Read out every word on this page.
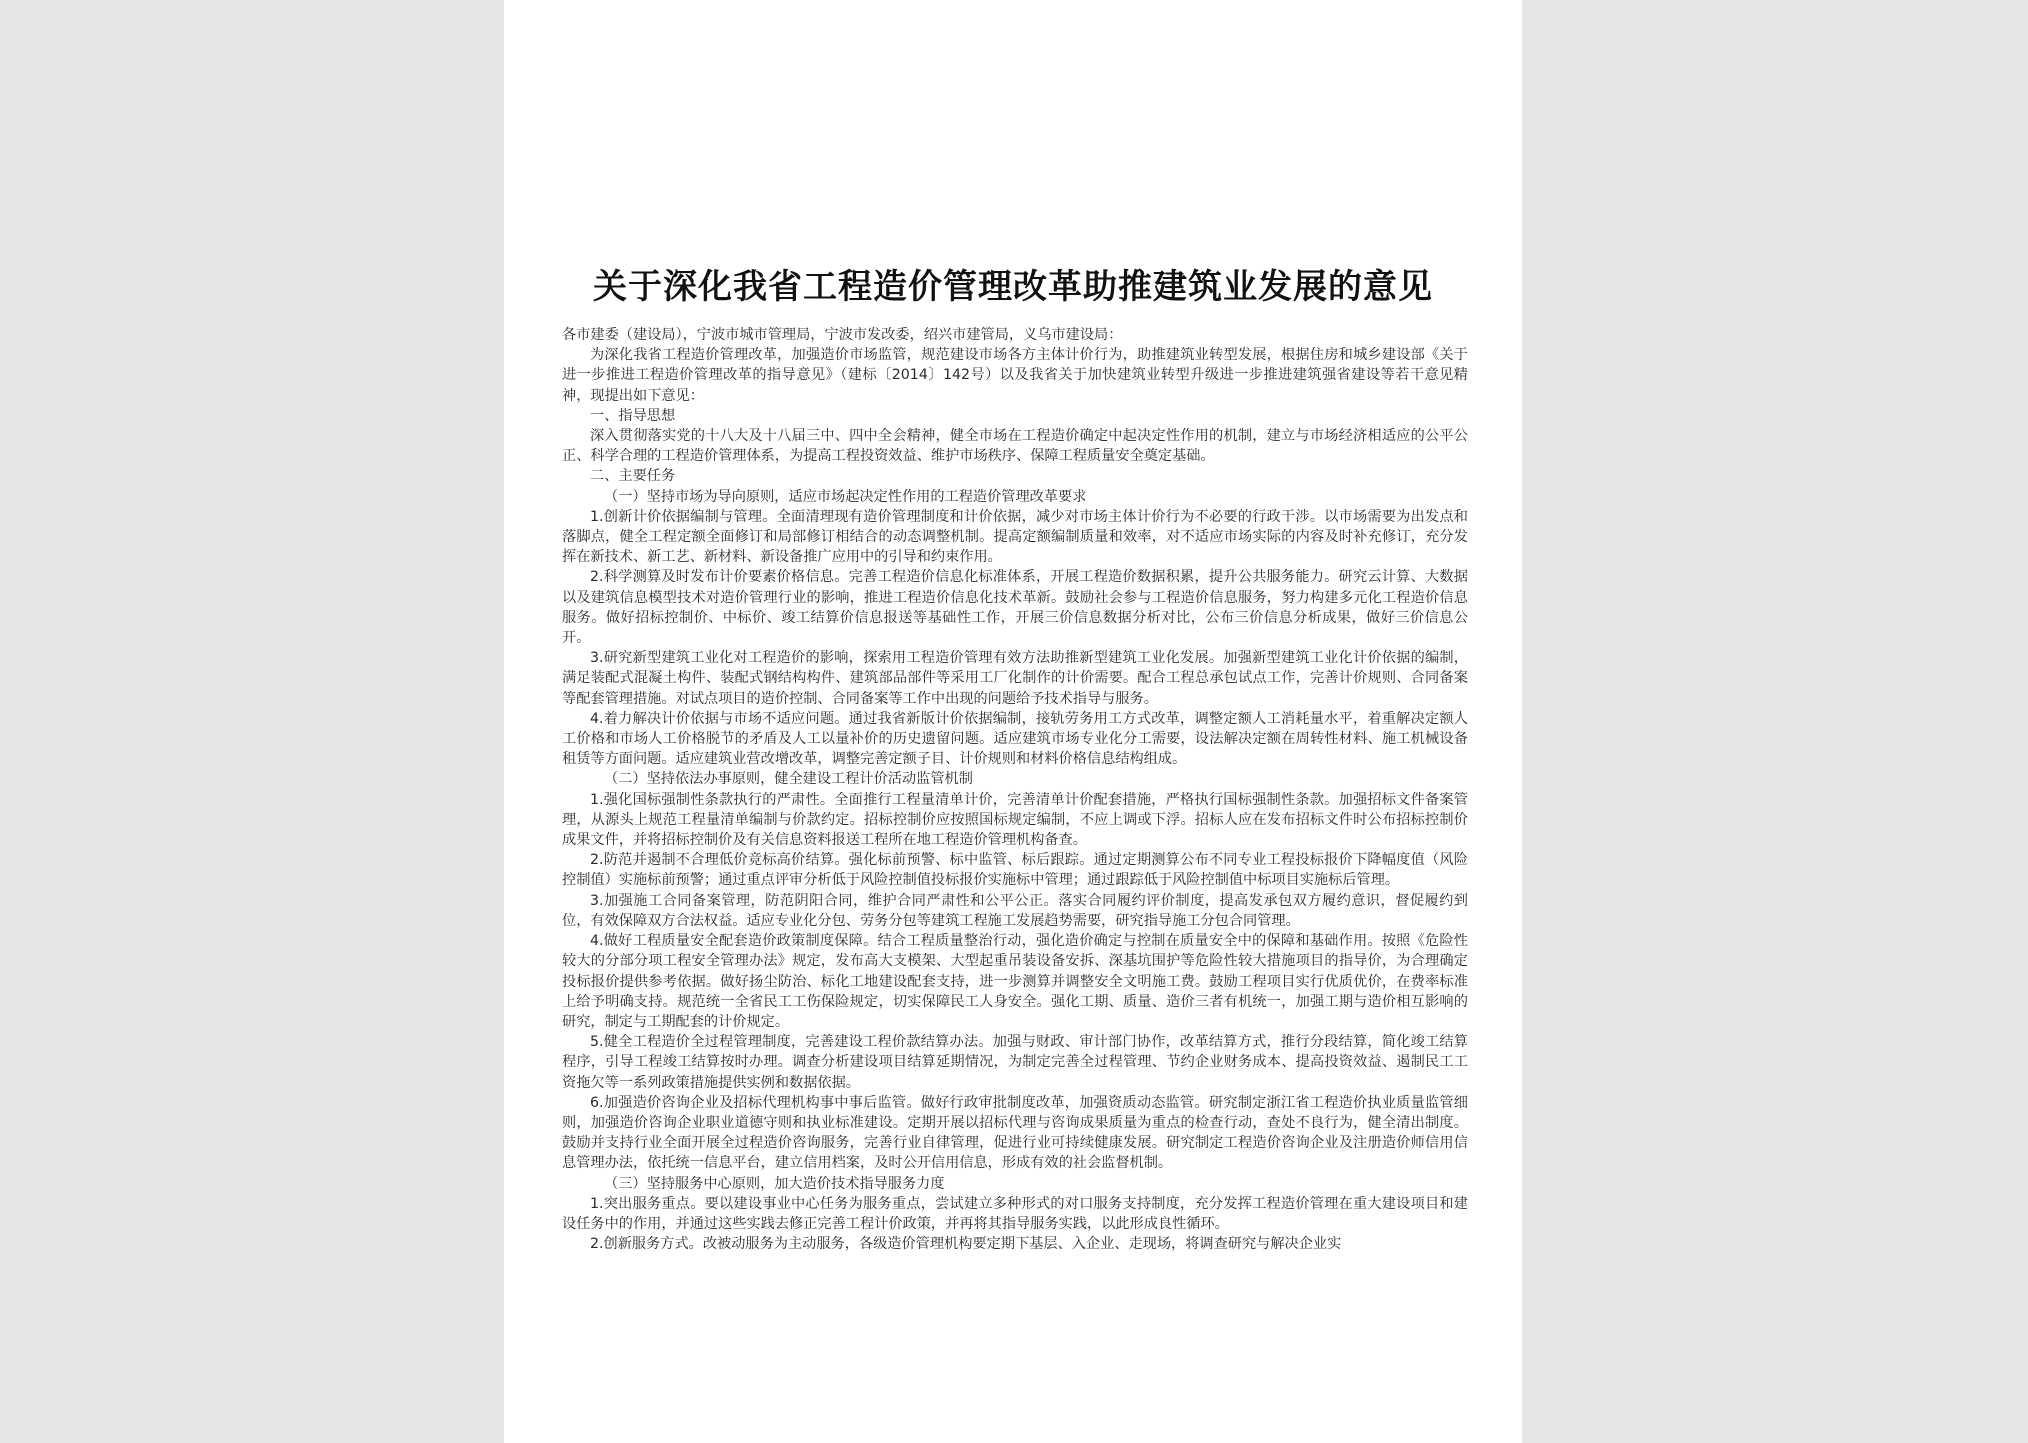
关于深化我省工程造价管理改革助推建筑业发展的意见

各市建委（建设局），宁波市城市管理局，宁波市发改委，绍兴市建管局，义乌市建设局：

为深化我省工程造价管理改革，加强造价市场监管，规范建设市场各方主体计价行为，助推建筑业转型发展，根据住房和城乡建设部《关于进一步推进工程造价管理改革的指导意见》（建标〔2014〕142号）以及我省关于加快建筑业转型升级进一步推进建筑强省建设等若干意见精神，现提出如下意见：

一、指导思想

深入贯彻落实党的十八大及十八届三中、四中全会精神，健全市场在工程造价确定中起决定性作用的机制，建立与市场经济相适应的公平公正、科学合理的工程造价管理体系，为提高工程投资效益、维护市场秩序、保障工程质量安全奠定基础。

二、主要任务

（一）坚持市场为导向原则，适应市场起决定性作用的工程造价管理改革要求

1.创新计价依据编制与管理。全面清理现有造价管理制度和计价依据，减少对市场主体计价行为不必要的行政干涉。以市场需要为出发点和落脚点，健全工程定额全面修订和局部修订相结合的动态调整机制。提高定额编制质量和效率，对不适应市场实际的内容及时补充修订，充分发挥在新技术、新工艺、新材料、新设备推广应用中的引导和约束作用。

2.科学测算及时发布计价要素价格信息。完善工程造价信息化标准体系，开展工程造价数据积累，提升公共服务能力。研究云计算、大数据以及建筑信息模型技术对造价管理行业的影响，推进工程造价信息化技术革新。鼓励社会参与工程造价信息服务，努力构建多元化工程造价信息服务。做好招标控制价、中标价、竣工结算价信息报送等基础性工作，开展三价信息数据分析对比，公布三价信息分析成果，做好三价信息公开。

3.研究新型建筑工业化对工程造价的影响，探索用工程造价管理有效方法助推新型建筑工业化发展。加强新型建筑工业化计价依据的编制，满足装配式混凝土构件、装配式钢结构构件、建筑部品部件等采用工厂化制作的计价需要。配合工程总承包试点工作，完善计价规则、合同备案等配套管理措施。对试点项目的造价控制、合同备案等工作中出现的问题给予技术指导与服务。

4.着力解决计价依据与市场不适应问题。通过我省新版计价依据编制，接轨劳务用工方式改革，调整定额人工消耗量水平，着重解决定额人工价格和市场人工价格脱节的矛盾及人工以量补价的历史遗留问题。适应建筑市场专业化分工需要，设法解决定额在周转性材料、施工机械设备租赁等方面问题。适应建筑业营改增改革，调整完善定额子目、计价规则和材料价格信息结构组成。

（二）坚持依法办事原则，健全建设工程计价活动监管机制

1.强化国标强制性条款执行的严肃性。全面推行工程量清单计价，完善清单计价配套措施，严格执行国标强制性条款。加强招标文件备案管理，从源头上规范工程量清单编制与价款约定。招标控制价应按照国标规定编制，不应上调或下浮。招标人应在发布招标文件时公布招标控制价成果文件，并将招标控制价及有关信息资料报送工程所在地工程造价管理机构备查。

2.防范并遏制不合理低价竞标高价结算。强化标前预警、标中监管、标后跟踪。通过定期测算公布不同专业工程投标报价下降幅度值（风险控制值）实施标前预警；通过重点评审分析低于风险控制值投标报价实施标中管理；通过跟踪低于风险控制值中标项目实施标后管理。

3.加强施工合同备案管理，防范阴阳合同，维护合同严肃性和公平公正。落实合同履约评价制度，提高发承包双方履约意识，督促履约到位，有效保障双方合法权益。适应专业化分包、劳务分包等建筑工程施工发展趋势需要，研究指导施工分包合同管理。

4.做好工程质量安全配套造价政策制度保障。结合工程质量整治行动，强化造价确定与控制在质量安全中的保障和基础作用。按照《危险性较大的分部分项工程安全管理办法》规定，发布高大支模架、大型起重吊装设备安拆、深基坑围护等危险性较大措施项目的指导价，为合理确定投标报价提供参考依据。做好扬尘防治、标化工地建设配套支持，进一步测算并调整安全文明施工费。鼓励工程项目实行优质优价，在费率标准上给予明确支持。规范统一全省民工工伤保险规定，切实保障民工人身安全。强化工期、质量、造价三者有机统一，加强工期与造价相互影响的研究，制定与工期配套的计价规定。

5.健全工程造价全过程管理制度，完善建设工程价款结算办法。加强与财政、审计部门协作，改革结算方式，推行分段结算，简化竣工结算程序，引导工程竣工结算按时办理。调查分析建设项目结算延期情况，为制定完善全过程管理、节约企业财务成本、提高投资效益、遏制民工工资拖欠等一系列政策措施提供实例和数据依据。

6.加强造价咨询企业及招标代理机构事中事后监管。做好行政审批制度改革，加强资质动态监管。研究制定浙江省工程造价执业质量监管细则，加强造价咨询企业职业道德守则和执业标准建设。定期开展以招标代理与咨询成果质量为重点的检查行动，查处不良行为，健全清出制度。鼓励并支持行业全面开展全过程造价咨询服务，完善行业自律管理，促进行业可持续健康发展。研究制定工程造价咨询企业及注册造价师信用信息管理办法，依托统一信息平台，建立信用档案，及时公开信用信息，形成有效的社会监督机制。

（三）坚持服务中心原则，加大造价技术指导服务力度

1.突出服务重点。要以建设事业中心任务为服务重点，尝试建立多种形式的对口服务支持制度，充分发挥工程造价管理在重大建设项目和建设任务中的作用，并通过这些实践去修正完善工程计价政策，并再将其指导服务实践，以此形成良性循环。

2.创新服务方式。改被动服务为主动服务，各级造价管理机构要定期下基层、入企业、走现场，将调查研究与解决企业实
